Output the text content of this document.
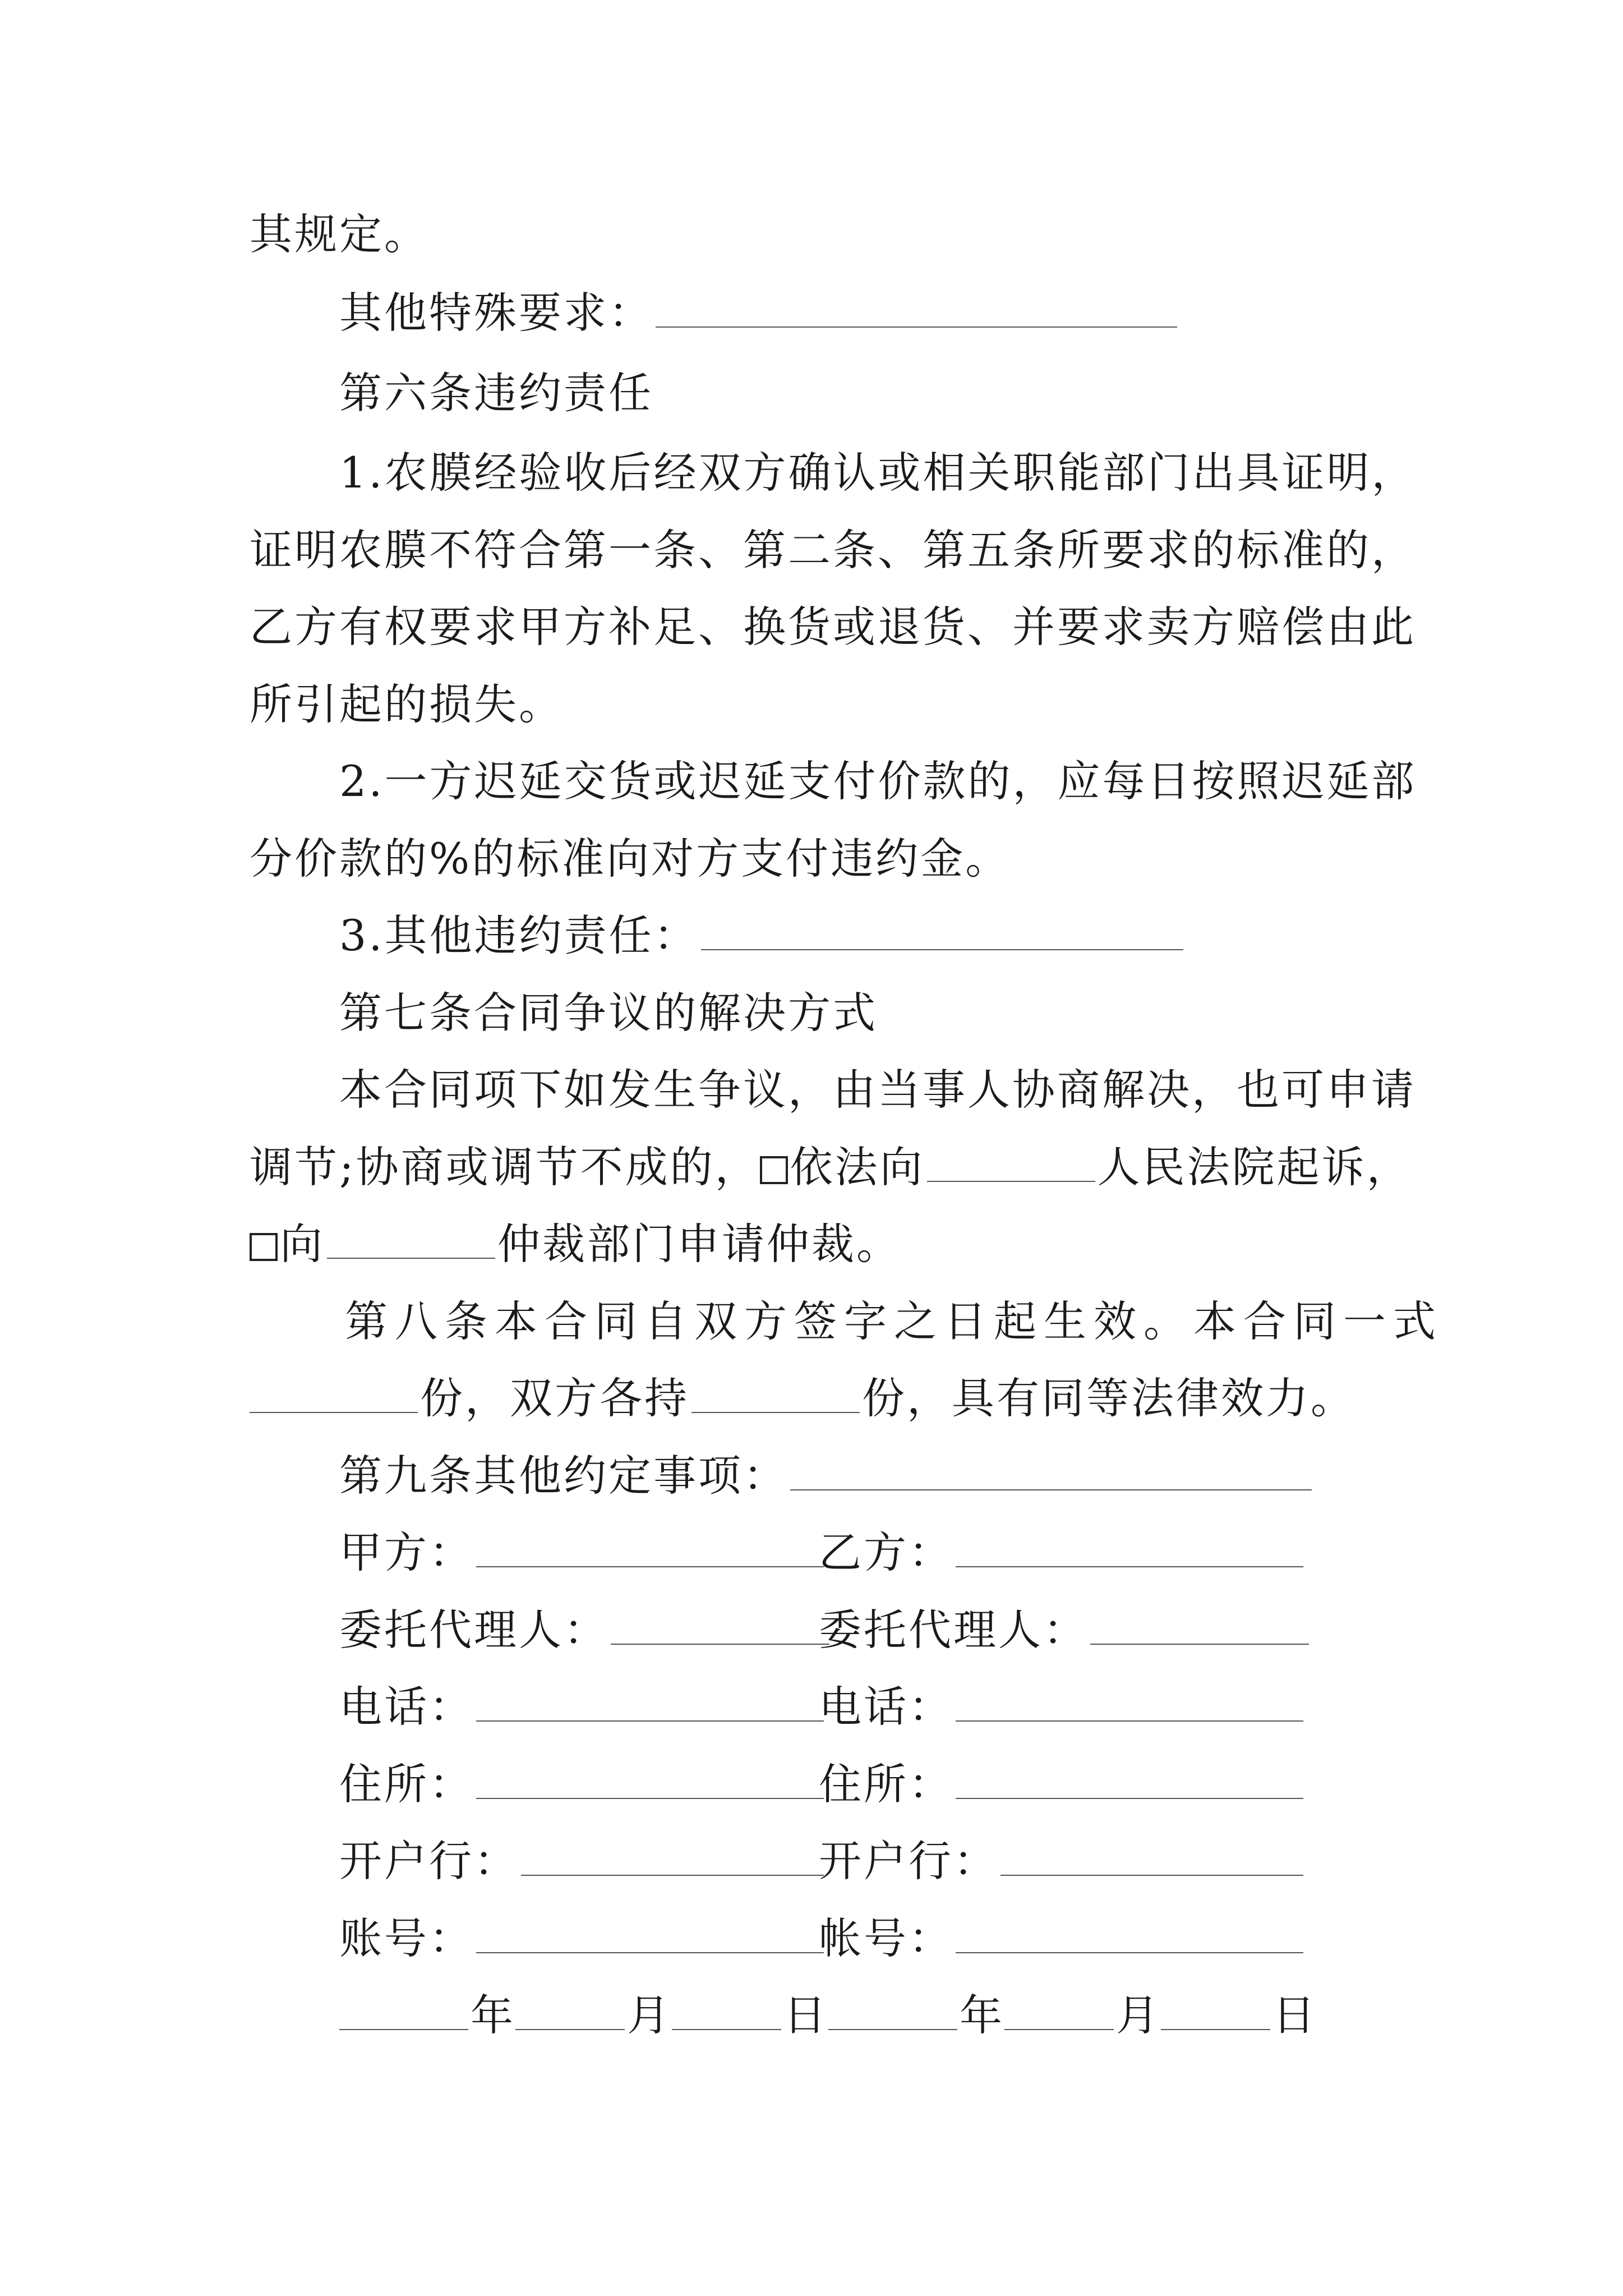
其规定。
其他特殊要求：
第六条违约责任
1.农膜经验收后经双方确认或相关职能部门出具证明，
证明农膜不符合第一条、第二条、第五条所要求的标准的，
乙方有权要求甲方补足、换货或退货、并要求卖方赔偿由此
所引起的损失。
2.一方迟延交货或迟延支付价款的，应每日按照迟延部
分价款的%的标准向对方支付违约金。
3.其他违约责任：
第七条合同争议的解决方式
本合同项下如发生争议，由当事人协商解决，也可申请
调节;协商或调节不成的， 依法向	人民法院起诉，
向	仲裁部门申请仲裁。
第八条本合同自双方签字之日起生效。本合同一式
份，双方各持	份，具有同等法律效力。
第九条其他约定事项：
甲方：	乙方：
委托代理人：	委托代理人：
电话：	电话：
住所：	住所：
开户行：	开户行：
账号：	帐号：
年	月	日	年	月	日
